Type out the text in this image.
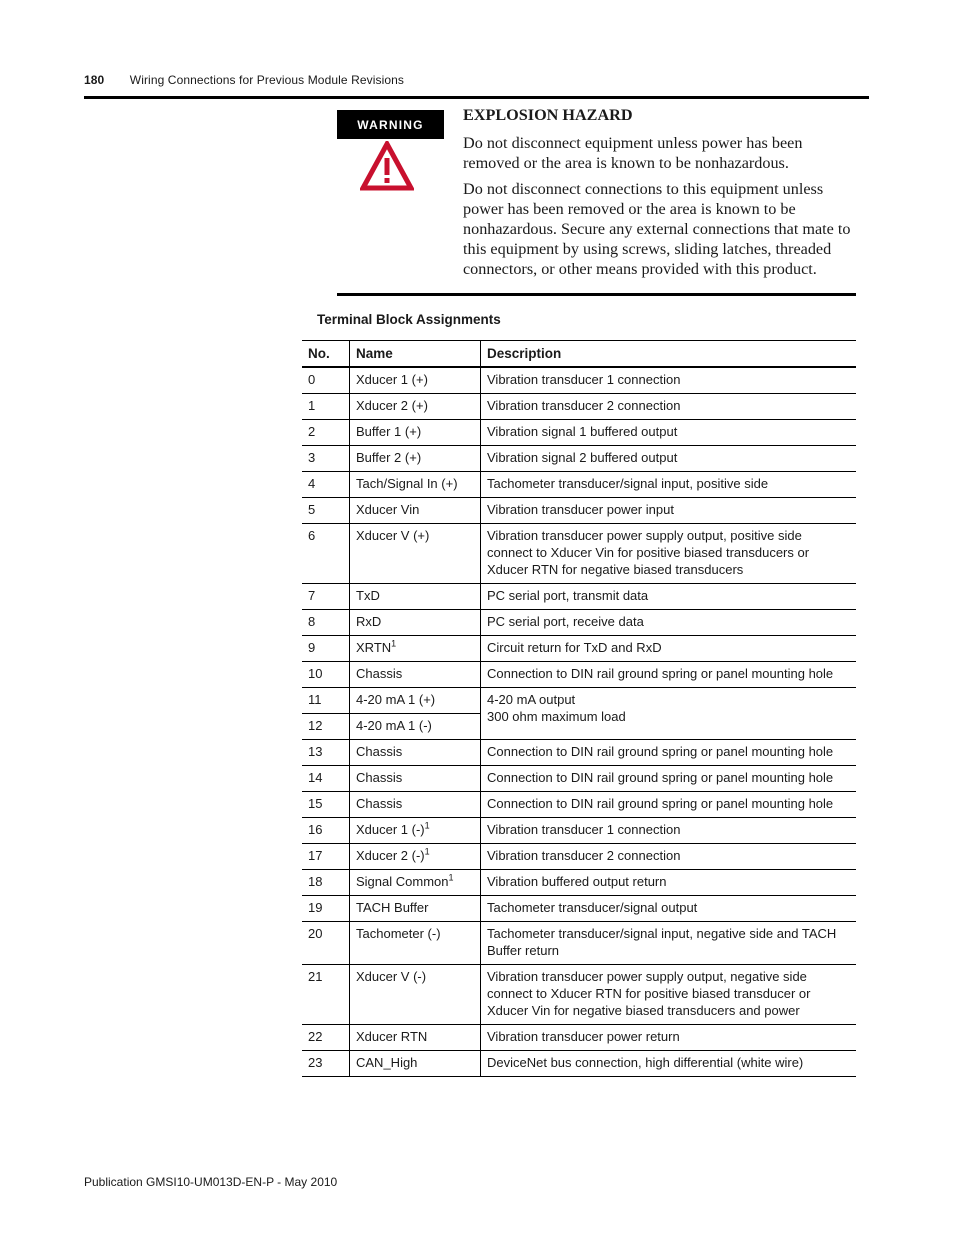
180 Wiring Connections for Previous Module Revisions
WARNING

EXPLOSION HAZARD

Do not disconnect equipment unless power has been removed or the area is known to be nonhazardous.

Do not disconnect connections to this equipment unless power has been removed or the area is known to be nonhazardous. Secure any external connections that mate to this equipment by using screws, sliding latches, threaded connectors, or other means provided with this product.

Terminal Block Assignments
No.	Name	Description
0	Xducer 1 (+)	Vibration transducer 1 connection
1	Xducer 2 (+)	Vibration transducer 2 connection
2	Buffer 1 (+)	Vibration signal 1 buffered output
3	Buffer 2 (+)	Vibration signal 2 buffered output
4	Tach/Signal In (+)	Tachometer transducer/signal input, positive side
5	Xducer Vin	Vibration transducer power input
6	Xducer V (+)	Vibration transducer power supply output, positive side connect to Xducer Vin for positive biased transducers or Xducer RTN for negative biased transducers
7	TxD	PC serial port, transmit data
8	RxD	PC serial port, receive data
9	XRTN$^1$	Circuit return for TxD and RxD
10	Chassis	Connection to DIN rail ground spring or panel mounting hole
11	4-20 mA 1 (+)	4-20 mA output
300 ohm maximum load

12	4-20 mA 1 (-)	
13	Chassis	Connection to DIN rail ground spring or panel mounting hole
14	Chassis	Connection to DIN rail ground spring or panel mounting hole
15	Chassis	Connection to DIN rail ground spring or panel mounting hole
16	Xducer 1 $(-)^1$	Vibration transducer 1 connection
17	Xducer 2 $(-)^1$	Vibration transducer 2 connection
18	Signal Common$^1$	Vibration buffered output return
19	TACH Buffer	Tachometer transducer/signal output
20	Tachometer (-)	Tachometer transducer/signal input, negative side and TACH Buffer return
21	Xducer V (-)	Vibration transducer power supply output, negative side connect to Xducer RTN for positive biased transducer or Xducer Vin for negative biased transducers and power
22	Xducer RTN	Vibration transducer power return
23	CAN_High	DeviceNet bus connection, high differential (white wire)
Publication GMSI10-UM013D-EN-P - May 2010
